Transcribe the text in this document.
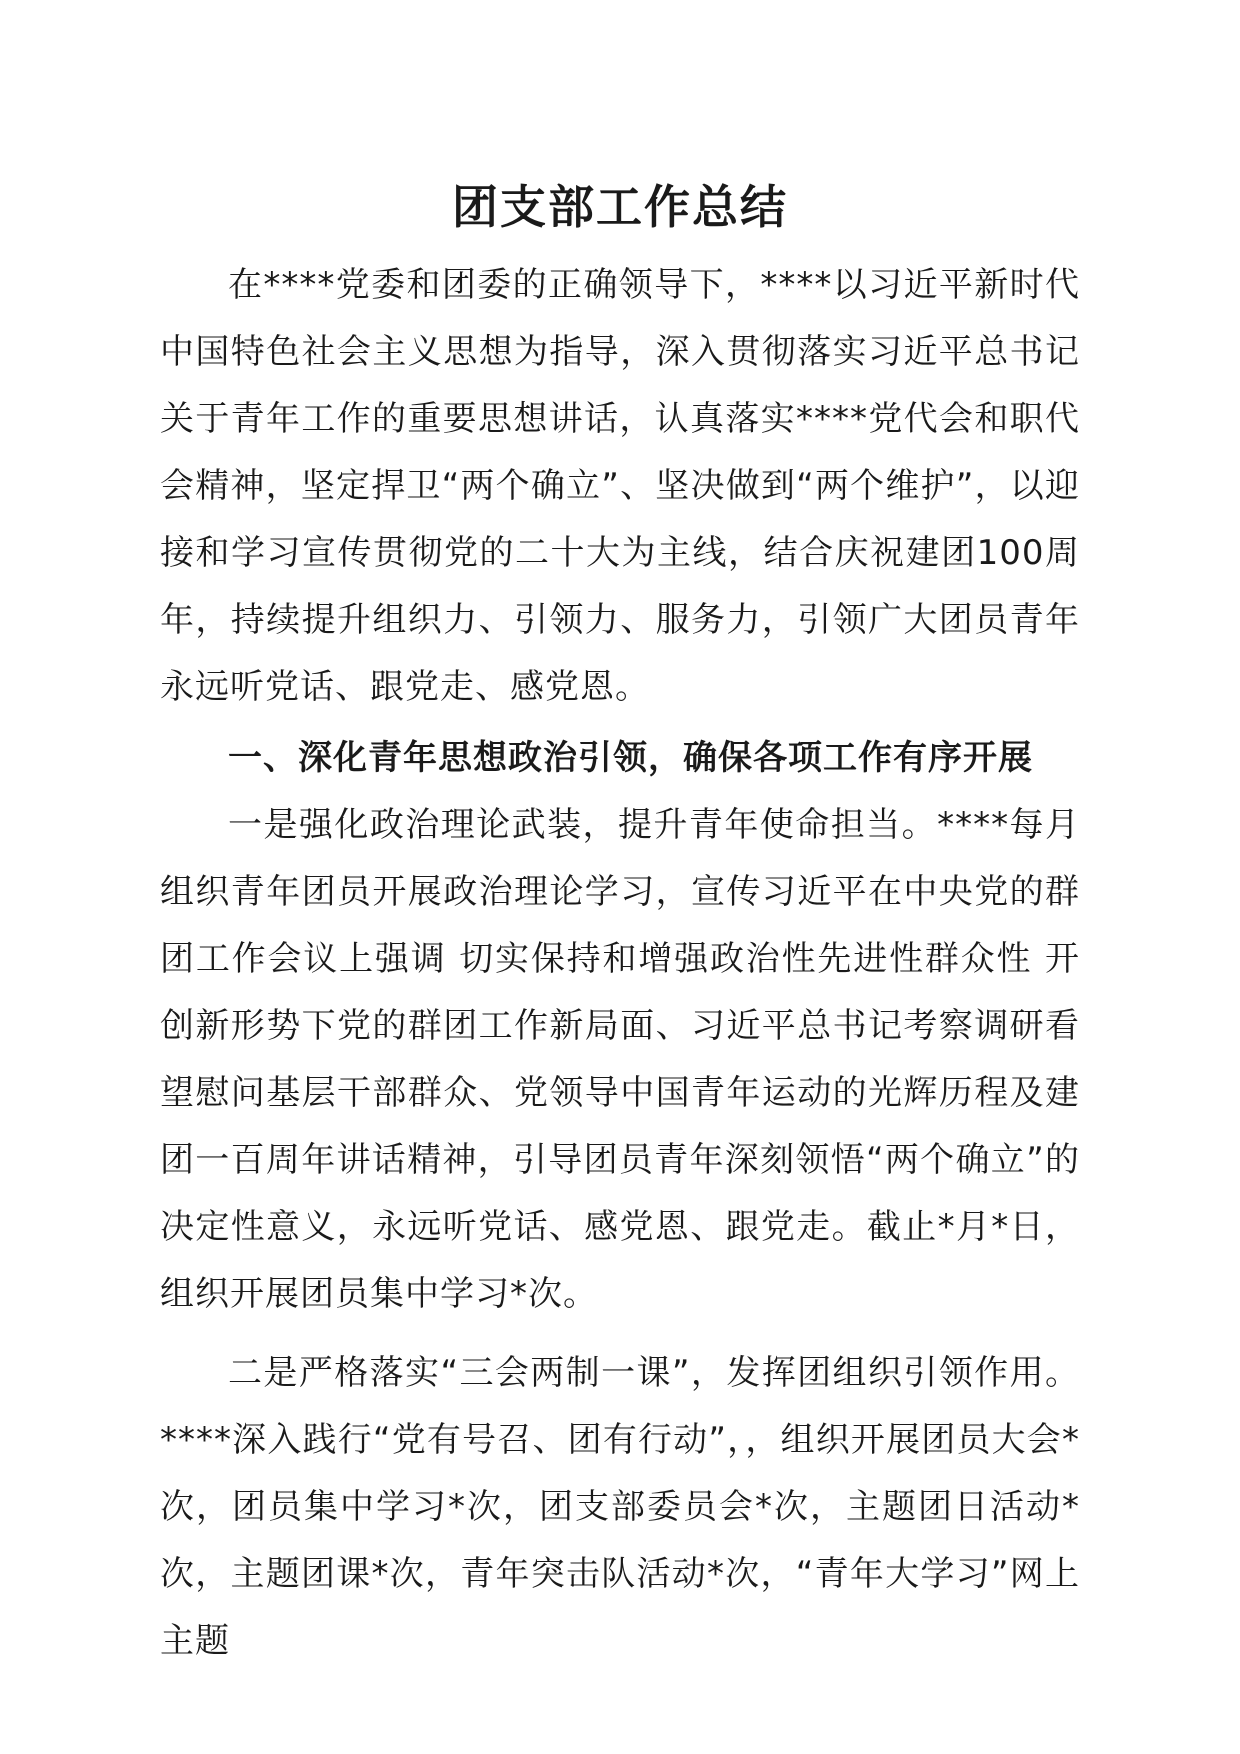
团支部工作总结

在****党委和团委的正确领导下，****以习近平新时代中国特色社会主义思想为指导，深入贯彻落实习近平总书记关于青年工作的重要思想讲话，认真落实****党代会和职代会精神，坚定捍卫“两个确立”、坚决做到“两个维护”，以迎接和学习宣传贯彻党的二十大为主线，结合庆祝建团100周年，持续提升组织力、引领力、服务力，引领广大团员青年永远听党话、跟党走、感党恩。

一、深化青年思想政治引领，确保各项工作有序开展

一是强化政治理论武装，提升青年使命担当。****每月组织青年团员开展政治理论学习，宣传习近平在中央党的群团工作会议上强调 切实保持和增强政治性先进性群众性 开创新形势下党的群团工作新局面、习近平总书记考察调研看望慰问基层干部群众、党领导中国青年运动的光辉历程及建团一百周年讲话精神，引导团员青年深刻领悟“两个确立”的决定性意义，永远听党话、感党恩、跟党走。截止*月*日，组织开展团员集中学习*次。

二是严格落实“三会两制一课”，发挥团组织引领作用。****深入践行“党有号召、团有行动”，，组织开展团员大会*次，团员集中学习*次，团支部委员会*次，主题团日活动*次，主题团课*次，青年突击队活动*次，“青年大学习”网上主题
